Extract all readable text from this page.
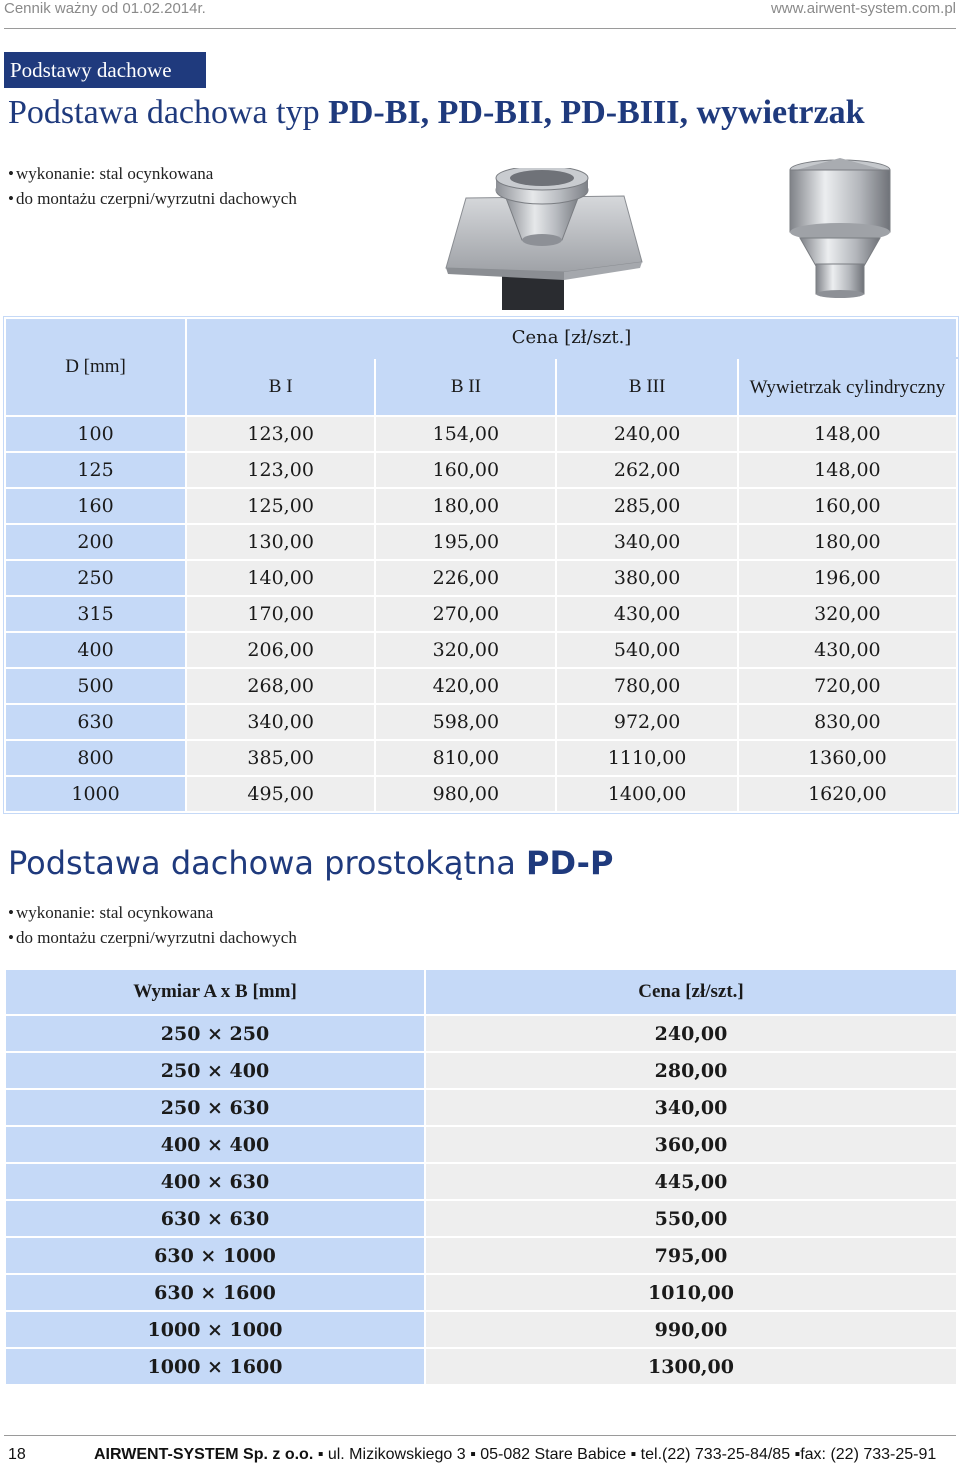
Cennik ważny od 01.02.2014r.	www.airwent-system.com.pl
Podstawy dachowe
Podstawa dachowa typ PD-BI, PD-BII, PD-BIII, wywietrzak
• wykonanie: stal ocynkowana
• do montażu czerpni/wyrzutni dachowych
D [mm]	Cena [zł/szt.]			

	B I	B II	B III	Wywietrzak cylindryczny
100	123,00	154,00	240,00	148,00
125	123,00	160,00	262,00	148,00
160	125,00	180,00	285,00	160,00
200	130,00	195,00	340,00	180,00
250	140,00	226,00	380,00	196,00
315	170,00	270,00	430,00	320,00
400	206,00	320,00	540,00	430,00
500	268,00	420,00	780,00	720,00
630	340,00	598,00	972,00	830,00
800	385,00	810,00	1110,00	1360,00
1000	495,00	980,00	1400,00	1620,00
Podstawa dachowa prostokątna PD-P
• wykonanie: stal ocynkowana
• do montażu czerpni/wyrzutni dachowych
Wymiar A x B [mm]	Cena [zł/szt.]
250 × 250	240,00
250 × 400	280,00
250 × 630	340,00
400 × 400	360,00
400 × 630	445,00
630 × 630	550,00
630 × 1000	795,00
630 × 1600	1010,00
1000 × 1000	990,00
1000 × 1600	1300,00
18	AIRWENT-SYSTEM Sp. z o.o. ▪ ul. Mizikowskiego 3 ▪ 05-082 Stare Babice ▪ tel.(22) 733-25-84/85 ▪fax: (22) 733-25-91
